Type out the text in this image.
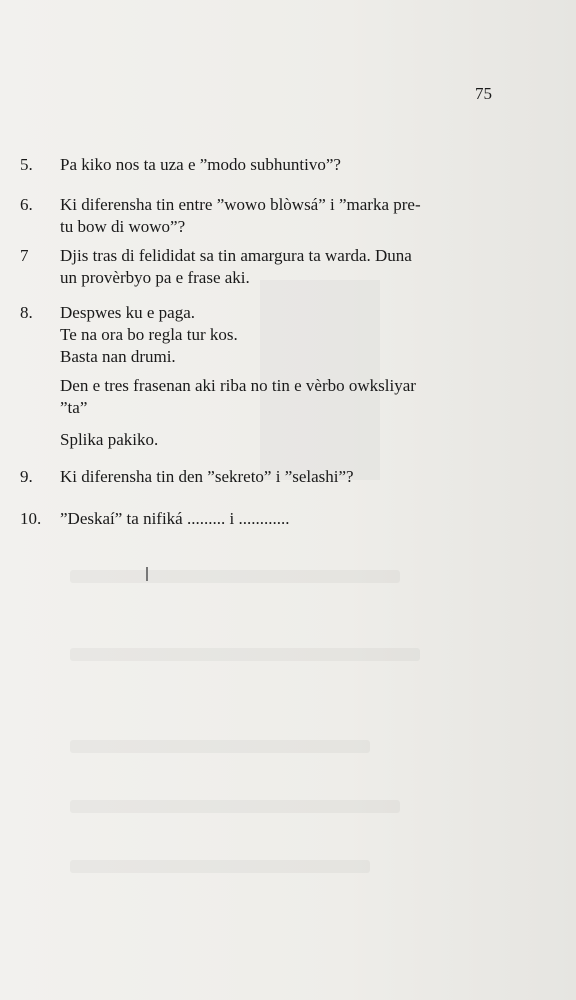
75
5.	Pa kiko nos ta uza e ”modo subhuntivo”?
6.	Ki diferensha tin entre ”wowo blòwsá” i ”marka pre-
tu bow di wowo”?
7	Djis tras di felididat sa tin amargura ta warda. Duna
un provèrbyo pa e frase aki.
8.	Despwes ku e paga.
Te na ora bo regla tur kos.
Basta nan drumi.
Den e tres frasenan aki riba no tin e vèrbo owksliyar
”ta”
Splika pakiko.
9.	Ki diferensha tin den ”sekreto” i ”selashi”?
10.	”Deskaí” ta nifiká ......... i ............
